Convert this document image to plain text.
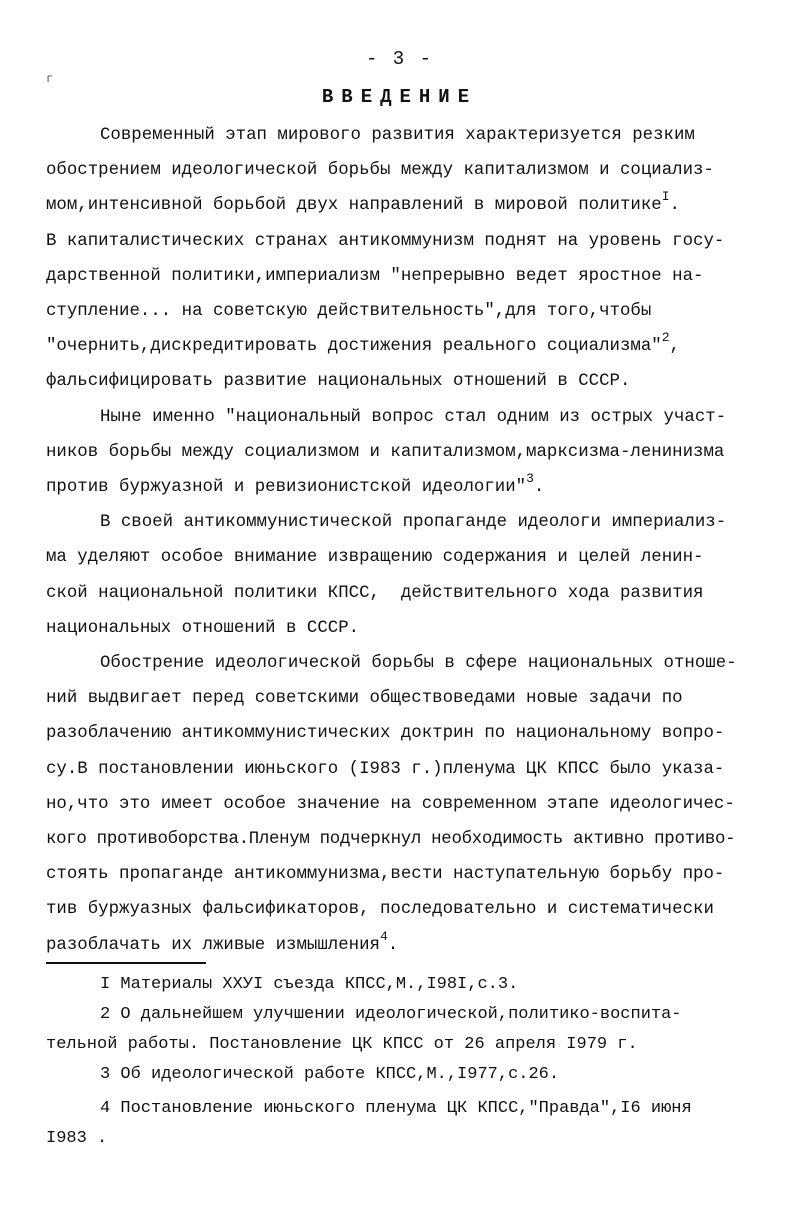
г
- 3 -
ВВЕДЕНИЕ
Современный этап мирового развития характеризуется резким
обострением идеологической борьбы между капитализмом и социализ-
мом,интенсивной борьбой двух направлений в мировой политике$^I$.
В капиталистических странах антикоммунизм поднят на уровень госу-
дарственной политики,империализм "непрерывно ведет яростное на-
ступление... на советскую действительность",для того,чтобы
"очернить,дискредитировать достижения реального социализма"$^2$,
фальсифицировать развитие национальных отношений в СССР.
Ныне именно "национальный вопрос стал одним из острых участ-
ников борьбы между социализмом и капитализмом,марксизма-ленинизма
против буржуазной и ревизионистской идеологии"$^3$.
В своей антикоммунистической пропаганде идеологи империализ-
ма уделяют особое внимание извращению содержания и целей ленин-
ской национальной политики КПСС,  действительного хода развития
национальных отношений в СССР.
Обострение идеологической борьбы в сфере национальных отноше-
ний выдвигает перед советскими обществоведами новые задачи по
разоблачению антикоммунистических доктрин по национальному вопро-
су.В постановлении июньского (I983 г.)пленума ЦК КПСС было указа-
но,что это имеет особое значение на современном этапе идеологичес-
кого противоборства.Пленум подчеркнул необходимость активно противо-
стоять пропаганде антикоммунизма,вести наступательную борьбу про-
тив буржуазных фальсификаторов, последовательно и систематически
разоблачать их лживые измышления$^4$.
I Материалы XXУI съезда КПСС,М.,I98I,с.3.
2 О дальнейшем улучшении идеологической,политико-воспита-
тельной работы. Постановление ЦК КПСС от 26 апреля I979 г.
3 Об идеологической работе КПСС,М.,I977,с.26.
4 Постановление июньского пленума ЦК КПСС,"Правда",I6 июня
I983 .
